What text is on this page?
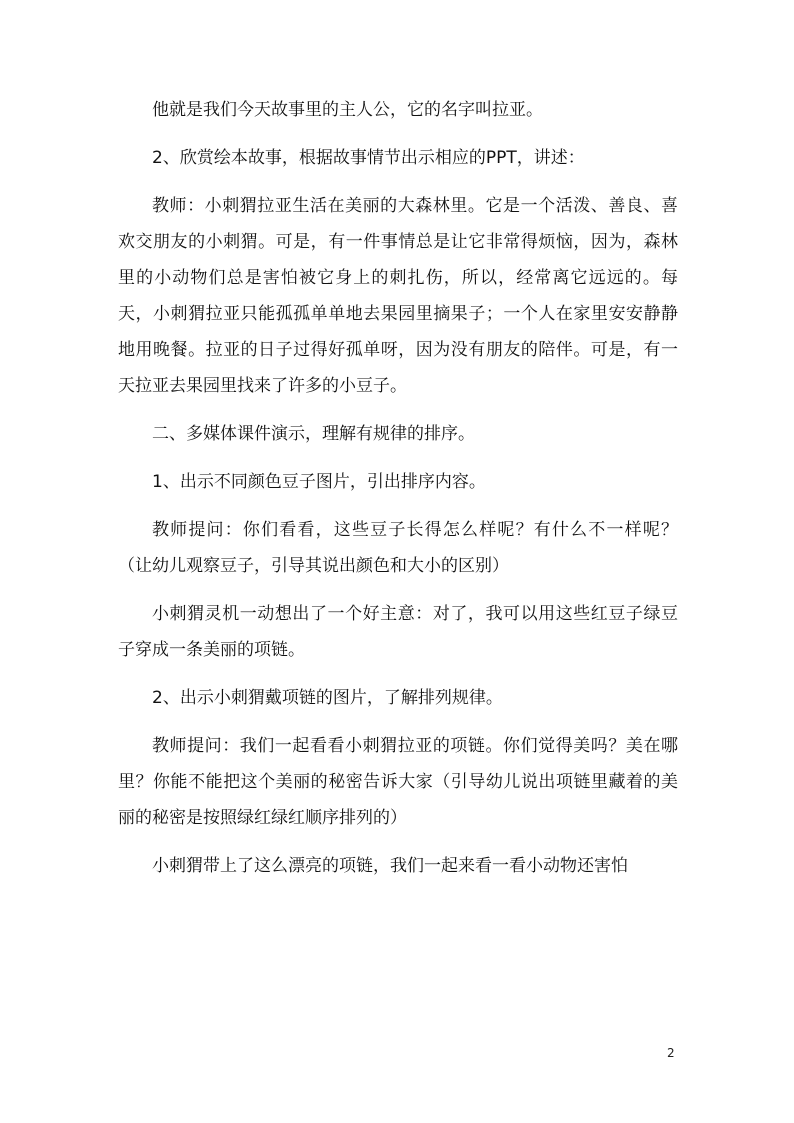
他就是我们今天故事里的主人公，它的名字叫拉亚。

2、欣赏绘本故事，根据故事情节出示相应的PPT，讲述：

教师：小刺猬拉亚生活在美丽的大森林里。它是一个活泼、善良、喜欢交朋友的小刺猬。可是，有一件事情总是让它非常得烦恼，因为，森林里的小动物们总是害怕被它身上的刺扎伤，所以，经常离它远远的。每天，小刺猬拉亚只能孤孤单单地去果园里摘果子；一个人在家里安安静静地用晚餐。拉亚的日子过得好孤单呀，因为没有朋友的陪伴。可是，有一天拉亚去果园里找来了许多的小豆子。

二、多媒体课件演示，理解有规律的排序。

1、出示不同颜色豆子图片，引出排序内容。

教师提问：你们看看，这些豆子长得怎么样呢？有什么不一样呢？（让幼儿观察豆子，引导其说出颜色和大小的区别）

小刺猬灵机一动想出了一个好主意：对了，我可以用这些红豆子绿豆子穿成一条美丽的项链。

2、出示小刺猬戴项链的图片，了解排列规律。

教师提问：我们一起看看小刺猬拉亚的项链。你们觉得美吗？美在哪里？你能不能把这个美丽的秘密告诉大家（引导幼儿说出项链里藏着的美丽的秘密是按照绿红绿红顺序排列的）

小刺猬带上了这么漂亮的项链，我们一起来看一看小动物还害怕

2
